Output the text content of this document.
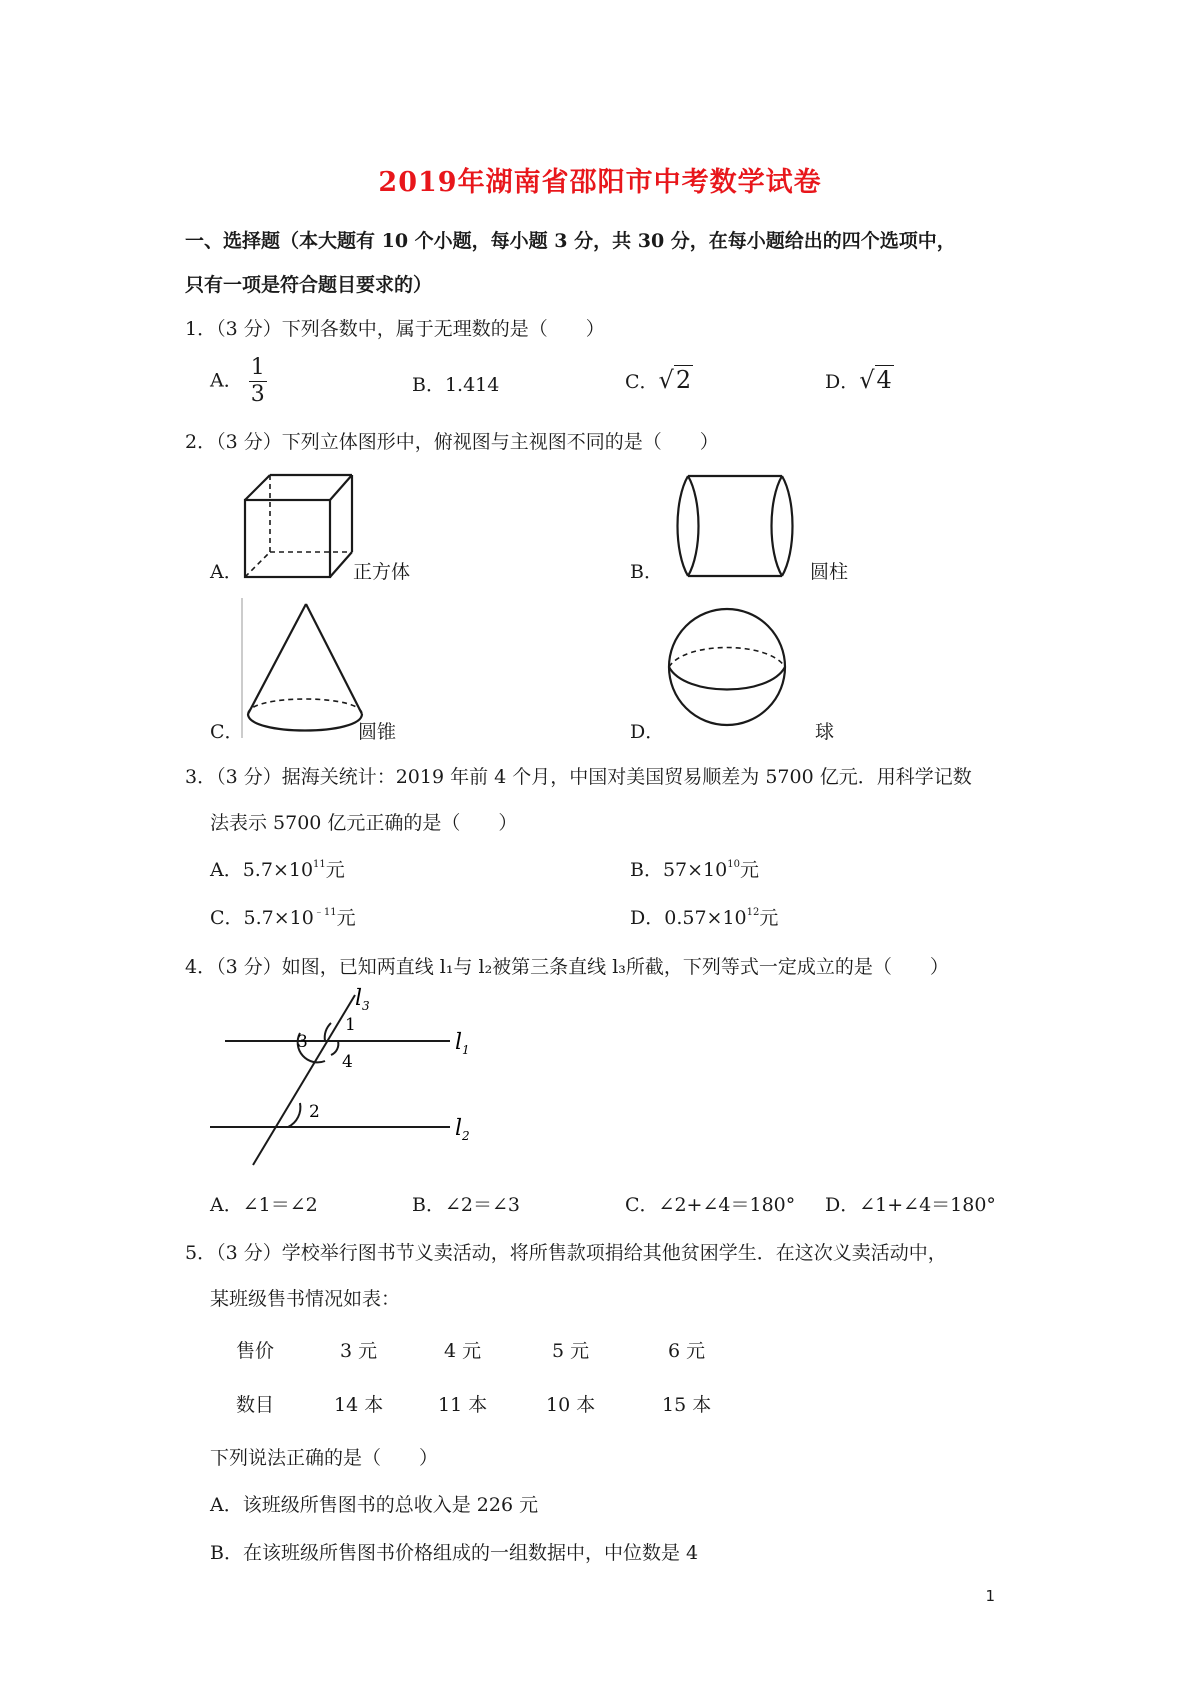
2019年湖南省邵阳市中考数学试卷
一、选择题（本大题有 10 个小题，每小题 3 分，共 30 分，在每小题给出的四个选项中，
只有一项是符合题目要求的）
1．（3 分）下列各数中，属于无理数的是（　　）
A． $\frac{1}{3}$	B．1.414	C．√2	D．√4
2．（3 分）下列立体图形中，俯视图与主视图不同的是（　　）
A．	正方体	B．	圆柱
C．	圆锥	D．	球
3．（3 分）据海关统计：2019 年前 4 个月，中国对美国贸易顺差为 5700 亿元．用科学记数
法表示 5700 亿元正确的是（　　）
A．$5.7\times 10^{11}$元	B．$57\times 10^{10}$元
C．$5.7\times 10^{﹣11}$元	D．$0.57\times 10^{12}$元
4．（3 分）如图，已知两直线 l₁与 l₂被第三条直线 l₃所截，下列等式一定成立的是（　　）
$l_3$
$l_1$
$l_2$
1
3
4
2
A．∠1＝∠2	B．∠2＝∠3	C．∠2+∠4＝180° D．∠1+∠4＝180°
5．（3 分）学校举行图书节义卖活动，将所售款项捐给其他贫困学生．在这次义卖活动中，
某班级售书情况如表：
售价	3 元	4 元	5 元	6 元
数目	14 本	11 本	10 本	15 本
下列说法正确的是（　　）
A．该班级所售图书的总收入是 226 元
B．在该班级所售图书价格组成的一组数据中，中位数是 4
1
